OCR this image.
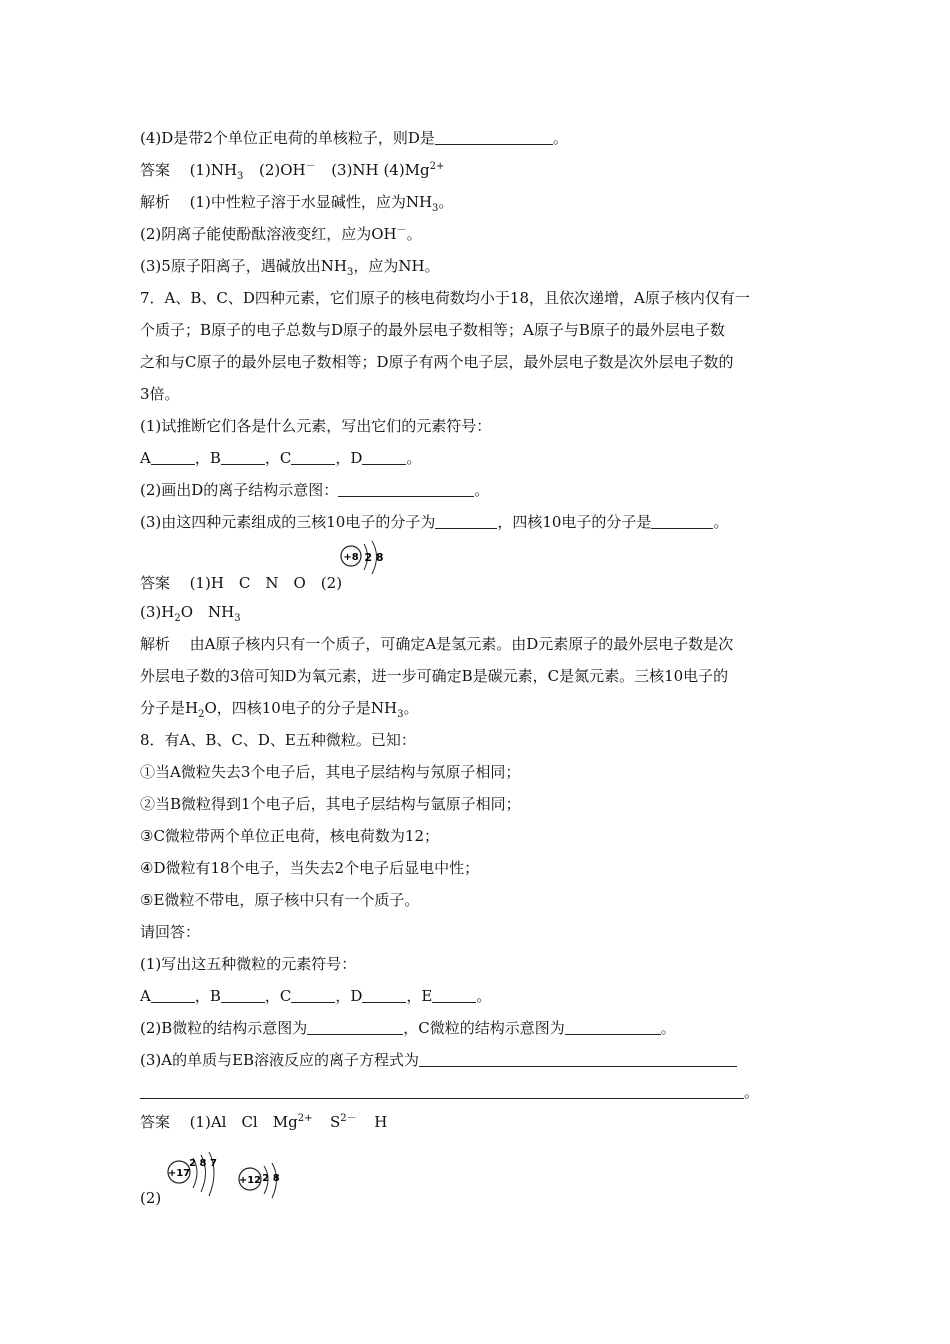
(4)D是带2个单位正电荷的单核粒子，则D是	。
答案 $(1)NH_3$ (2)OH－ (3)NH $(4)Mg^{2+}$
解析 (1)中性粒子溶于水显碱性，应为$NH_3$。
(2)阴离子能使酚酞溶液变红，应为OH－。
(3)5原子阳离子，遇碱放出$NH_3$，应为NH。
7．A、B、C、D四种元素，它们原子的核电荷数均小于18，且依次递增，A原子核内仅有一
个质子；B原子的电子总数与D原子的最外层电子数相等；A原子与B原子的最外层电子数
之和与C原子的最外层电子数相等；D原子有两个电子层，最外层电子数是次外层电子数的
3倍。
(1)试推断它们各是什么元素，写出它们的元素符号：
A	，B	，C	，D	。
(2)画出D的离子结构示意图：	。
(3)由这四种元素组成的三核10电子的分子为	，四核10电子的分子是	。
答案 (1)H　C　N　O　(2)
+8 2 8
$(3)H_2O$　$NH_3$
解析 由A原子核内只有一个质子，可确定A是氢元素。由D元素原子的最外层电子数是次
外层电子数的3倍可知D为氧元素，进一步可确定B是碳元素，C是氮元素。三核10电子的
分子是$H_2O$，四核10电子的分子是$NH_3$。
8．有A、B、C、D、E五种微粒。已知：
①当A微粒失去3个电子后，其电子层结构与氖原子相同；
②当B微粒得到1个电子后，其电子层结构与氩原子相同；
③C微粒带两个单位正电荷，核电荷数为12；
④D微粒有18个电子，当失去2个电子后显电中性；
⑤E微粒不带电，原子核中只有一个质子。
请回答：
(1)写出这五种微粒的元素符号：
A	，B	，C	，D	，E	。
(2)B微粒的结构示意图为	，C微粒的结构示意图为	。
(3)A的单质与EB溶液反应的离子方程式为
。
答案 (1)Al　Cl　$Mg^{2+}$ $S^{2-}$ H
+17
2 8 7
+12 2 8
(2)
